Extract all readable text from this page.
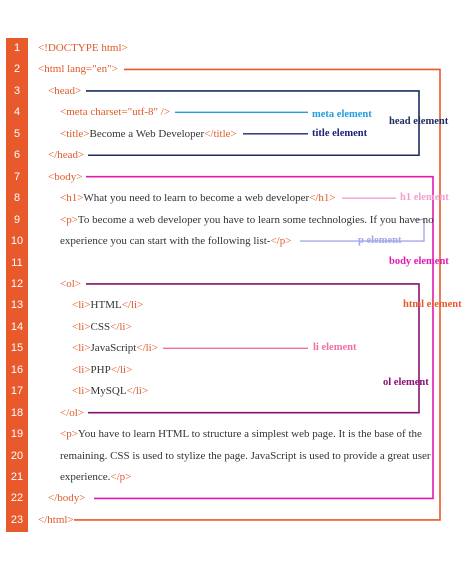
1
2
3
4
5
6
7
8
9
10
11
12
13
14
15
16
17
18
19
20
21
22
23
<!DOCTYPE html>
<html lang="en">
<head>
<meta charset="utf-8" />
<title>Become a Web Developer</title>
</head>
<body>
<h1>What you need to learn to become a web developer</h1>
<p>To become a web developer you have to learn some technologies. If you have no
experience you can start with the following list-</p>
<ol>
<li>HTML</li>
<li>CSS</li>
<li>JavaScript</li>
<li>PHP</li>
<li>MySQL</li>
</ol>
<p>You have to learn HTML to structure a simplest web page. It is the base of the
remaining. CSS is used to stylize the page. JavaScript is used to provide a great user
experience.</p>
</body>
</html>
meta element
title element
head element
h1 element
p element
body element
html element
li element
ol element
